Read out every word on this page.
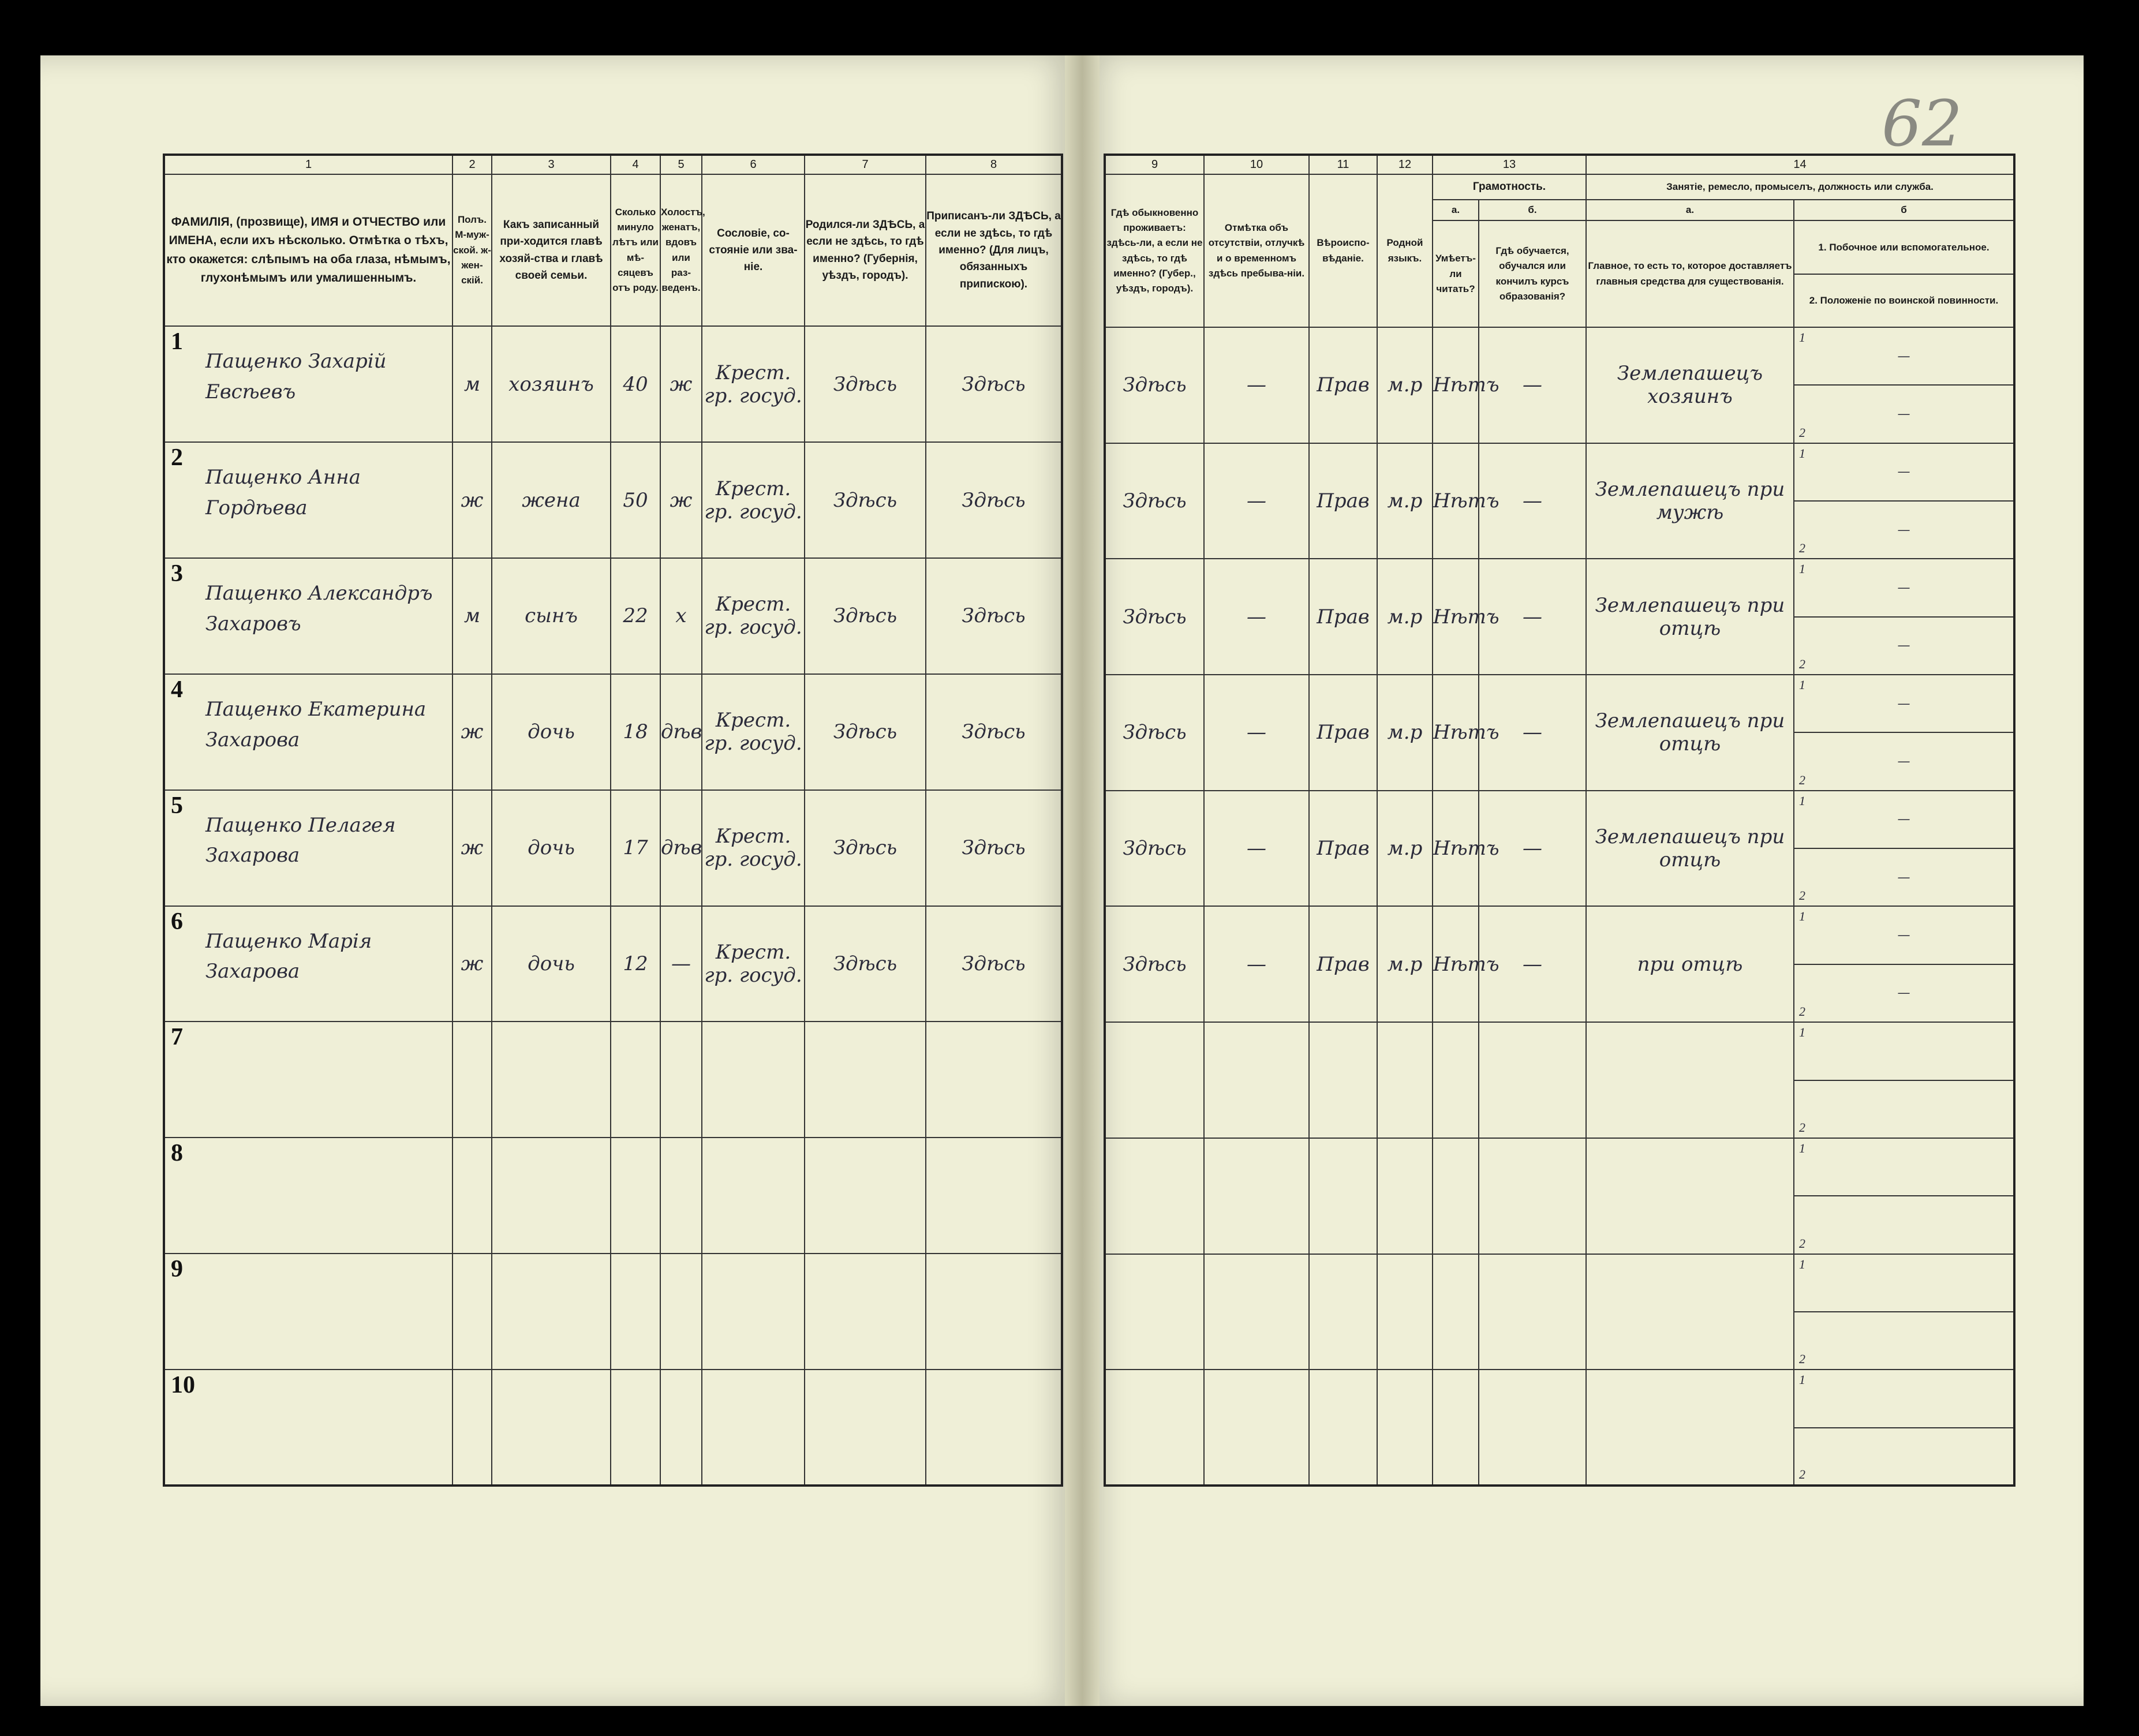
62
1	2	3	4	5	6	7	8
ФАМИЛІЯ, (прозвище), ИМЯ и ОТЧЕСТВО или ИМЕНА, если ихъ нѣсколько. Отмѣтка о тѣхъ, кто окажется: слѣпымъ на оба глаза, нѣмымъ, глухонѣмымъ или умалишеннымъ.	Полъ. М-муж-ской. ж-жен-скій.	Какъ записанный при-ходится главѣ хозяй-ства и главѣ своей семьи.	Сколько минуло лѣтъ или мѣ-сяцевъ отъ роду.	Холостъ, женатъ, вдовъ или раз-веденъ.	Сословіе, со-стояніе или зва-ніе.	Родился-ли ЗДѢСЬ, а если не здѣсь, то гдѣ именно? (Губернія, уѣздъ, городъ).	Приписанъ-ли ЗДѢСЬ, а если не здѣсь, то гдѣ именно? (Для лицъ, обязанныхъ припискою).

1
Пащенко Захарій
Евсѣевъ	м	хозяинъ	40	ж	Крест. гр. госуд.	Здѣсь	Здѣсь

2
Пащенко Анна
Гордѣева	ж	жена	50	ж	Крест. гр. госуд.	Здѣсь	Здѣсь

3
Пащенко Александръ
Захаровъ	м	сынъ	22	х	Крест. гр. госуд.	Здѣсь	Здѣсь

4
Пащенко Екатерина
Захарова	ж	дочь	18	дѣв	Крест. гр. госуд.	Здѣсь	Здѣсь

5
Пащенко Пелагея
Захарова	ж	дочь	17	дѣв	Крест. гр. госуд.	Здѣсь	Здѣсь

6
Пащенко Марія
Захарова	ж	дочь	12	—	Крест. гр. госуд.	Здѣсь	Здѣсь

7							

8							

9							

10							

9	10	11	12	13		14	
Гдѣ обыкновенно проживаетъ: здѣсь-ли, а если не здѣсь, то гдѣ именно? (Губер., уѣздъ, городъ).	Отмѣтка объ отсутствіи, отлучкѣ и о временномъ здѣсь пребыва-ніи.	Вѣроиспо-вѣданіе.	Родной языкъ.	Грамотность.		Занятіе, ремесло, промыселъ, должность или служба.	
				а.	б.	а.	б
				Умѣетъ-ли читать?	Гдѣ обучается, обучался или кончилъ курсъ образованія?	Главное, то есть то, которое доставляетъ главныя средства для существованія.	1. Побочное или вспомогательное.
2. Положеніе по воинской повинности.

Здѣсь	—	Прав	м.р	Нѣтъ	—	Землепашецъ хозяинъ	1
—

							2
—
Здѣсь	—	Прав	м.р	Нѣтъ	—	Землепашецъ при мужѣ	1
—

							2
—
Здѣсь	—	Прав	м.р	Нѣтъ	—	Землепашецъ при отцѣ	1
—

							2
—
Здѣсь	—	Прав	м.р	Нѣтъ	—	Землепашецъ при отцѣ	1
—

							2
—
Здѣсь	—	Прав	м.р	Нѣтъ	—	Землепашецъ при отцѣ	1
—

							2
—
Здѣсь	—	Прав	м.р	Нѣтъ	—	при отцѣ	1
—

							2
—

							1

							2

							1

							2

							1

							2

							1

							2
